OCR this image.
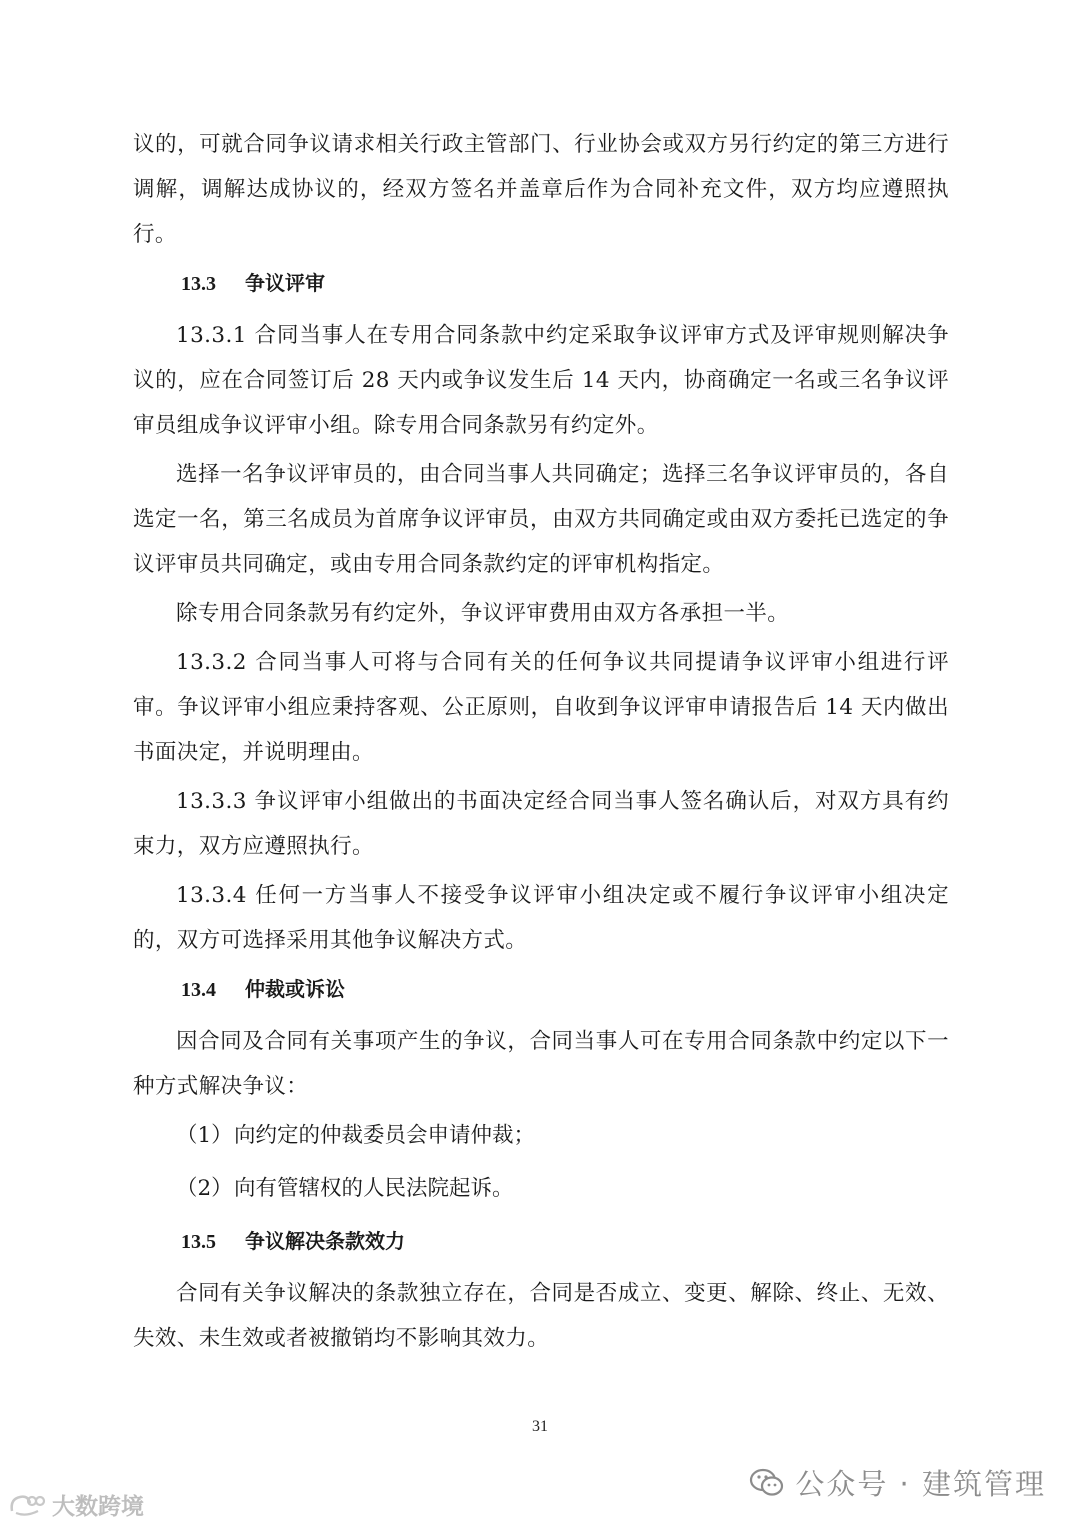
议的，可就合同争议请求相关行政主管部门、行业协会或双方另行约定的第三方进行调解，调解达成协议的，经双方签名并盖章后作为合同补充文件，双方均应遵照执行。

13.3 争议评审

13.3.1 合同当事人在专用合同条款中约定采取争议评审方式及评审规则解决争议的，应在合同签订后 28 天内或争议发生后 14 天内，协商确定一名或三名争议评审员组成争议评审小组。除专用合同条款另有约定外。

选择一名争议评审员的，由合同当事人共同确定；选择三名争议评审员的，各自选定一名，第三名成员为首席争议评审员，由双方共同确定或由双方委托已选定的争议评审员共同确定，或由专用合同条款约定的评审机构指定。

除专用合同条款另有约定外，争议评审费用由双方各承担一半。

13.3.2 合同当事人可将与合同有关的任何争议共同提请争议评审小组进行评审。争议评审小组应秉持客观、公正原则，自收到争议评审申请报告后 14 天内做出书面决定，并说明理由。

13.3.3 争议评审小组做出的书面决定经合同当事人签名确认后，对双方具有约束力，双方应遵照执行。

13.3.4 任何一方当事人不接受争议评审小组决定或不履行争议评审小组决定的，双方可选择采用其他争议解决方式。

13.4 仲裁或诉讼

因合同及合同有关事项产生的争议，合同当事人可在专用合同条款中约定以下一种方式解决争议：

（1）向约定的仲裁委员会申请仲裁；
（2）向有管辖权的人民法院起诉。
13.5 争议解决条款效力

合同有关争议解决的条款独立存在，合同是否成立、变更、解除、终止、无效、失效、未生效或者被撤销均不影响其效力。

31
公众号 · 建筑管理
大数跨境
